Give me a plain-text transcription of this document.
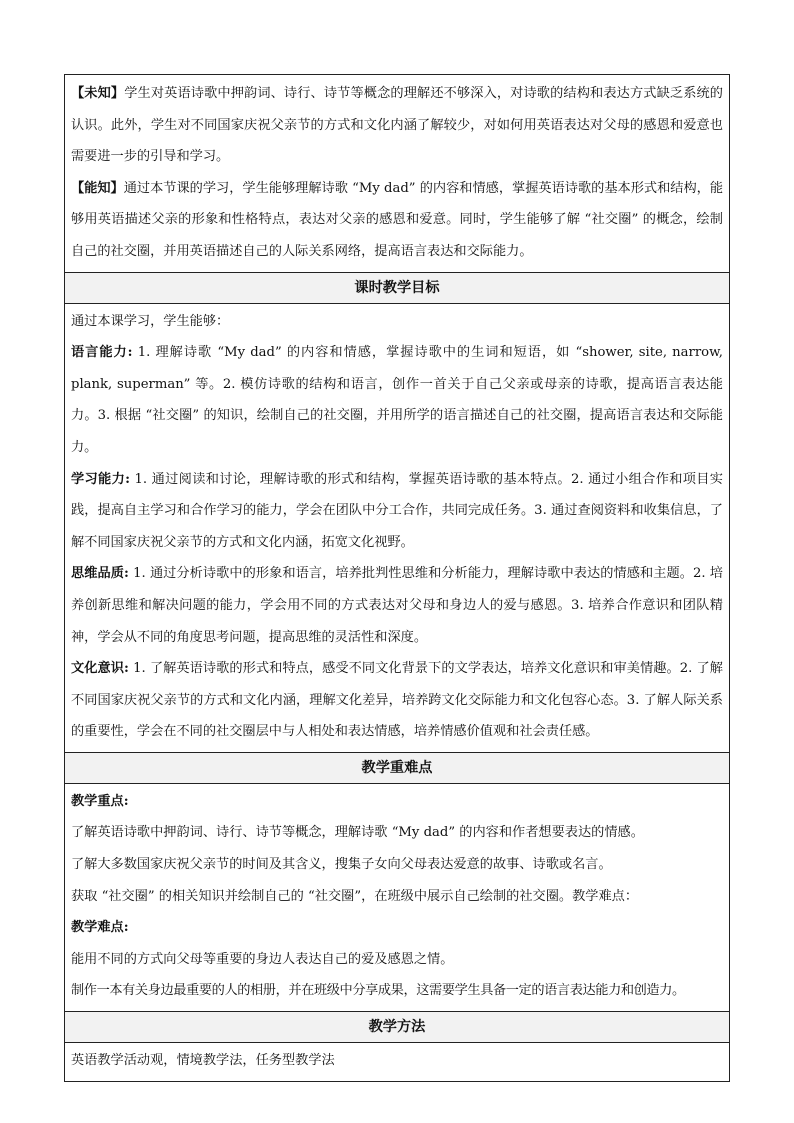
【未知】学生对英语诗歌中押韵词、诗行、诗节等概念的理解还不够深入，对诗歌的结构和表达方式缺乏系统的认识。此外，学生对不同国家庆祝父亲节的方式和文化内涵了解较少，对如何用英语表达对父母的感恩和爱意也需要进一步的引导和学习。

【能知】通过本节课的学习，学生能够理解诗歌 “My dad” 的内容和情感，掌握英语诗歌的基本形式和结构，能够用英语描述父亲的形象和性格特点，表达对父亲的感恩和爱意。同时，学生能够了解 “社交圈” 的概念，绘制自己的社交圈，并用英语描述自己的人际关系网络，提高语言表达和交际能力。

课时教学目标

通过本课学习，学生能够：

语言能力: 1. 理解诗歌 “My dad” 的内容和情感，掌握诗歌中的生词和短语，如 “shower, site, narrow, plank, superman” 等。2. 模仿诗歌的结构和语言，创作一首关于自己父亲或母亲的诗歌，提高语言表达能力。3. 根据 “社交圈” 的知识，绘制自己的社交圈，并用所学的语言描述自己的社交圈，提高语言表达和交际能力。

学习能力: 1. 通过阅读和讨论，理解诗歌的形式和结构，掌握英语诗歌的基本特点。2. 通过小组合作和项目实践，提高自主学习和合作学习的能力，学会在团队中分工合作，共同完成任务。3. 通过查阅资料和收集信息，了解不同国家庆祝父亲节的方式和文化内涵，拓宽文化视野。

思维品质: 1. 通过分析诗歌中的形象和语言，培养批判性思维和分析能力，理解诗歌中表达的情感和主题。2. 培养创新思维和解决问题的能力，学会用不同的方式表达对父母和身边人的爱与感恩。3. 培养合作意识和团队精神，学会从不同的角度思考问题，提高思维的灵活性和深度。

文化意识: 1. 了解英语诗歌的形式和特点，感受不同文化背景下的文学表达，培养文化意识和审美情趣。2. 了解不同国家庆祝父亲节的方式和文化内涵，理解文化差异，培养跨文化交际能力和文化包容心态。3. 了解人际关系的重要性，学会在不同的社交圈层中与人相处和表达情感，培养情感价值观和社会责任感。

教学重难点

教学重点:

了解英语诗歌中押韵词、诗行、诗节等概念，理解诗歌 “My dad” 的内容和作者想要表达的情感。

了解大多数国家庆祝父亲节的时间及其含义，搜集子女向父母表达爱意的故事、诗歌或名言。

获取 “社交圈” 的相关知识并绘制自己的 “社交圈”，在班级中展示自己绘制的社交圈。教学难点：

教学难点:

能用不同的方式向父母等重要的身边人表达自己的爱及感恩之情。

制作一本有关身边最重要的人的相册，并在班级中分享成果，这需要学生具备一定的语言表达能力和创造力。

教学方法

英语教学活动观，情境教学法，任务型教学法
